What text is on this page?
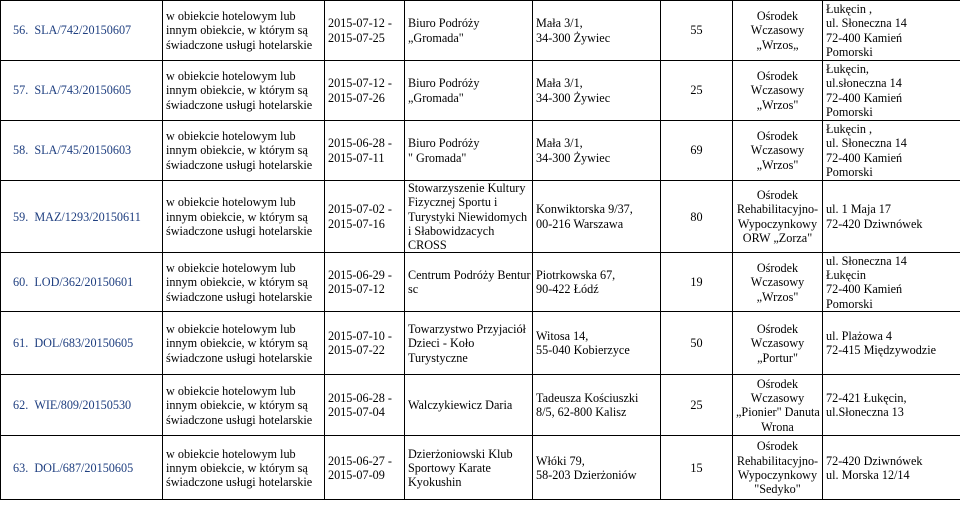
56. SLA/742/20150607	w obiekcie hotelowym lub
innym obiekcie, w którym są
świadczone usługi hotelarskie	2015-07-12 -
2015-07-25	Biuro Podróży
„Gromada"	Mała 3/1,
34-300 Żywiec	55	Ośrodek
Wczasowy
„Wrzos„	Łukęcin ,
ul. Słoneczna 14
72-400 Kamień
Pomorski

57. SLA/743/20150605	w obiekcie hotelowym lub
innym obiekcie, w którym są
świadczone usługi hotelarskie	2015-07-12 -
2015-07-26	Biuro Podróży
„Gromada"	Mała 3/1,
34-300 Żywiec	25	Ośrodek
Wczasowy
„Wrzos"	Łukęcin,
ul.słoneczna 14
72-400 Kamień
Pomorski

58. SLA/745/20150603	w obiekcie hotelowym lub
innym obiekcie, w którym są
świadczone usługi hotelarskie	2015-06-28 -
2015-07-11	Biuro Podróży
" Gromada"	Mała 3/1,
34-300 Żywiec	69	Ośrodek
Wczasowy
„Wrzos"	Łukęcin ,
ul. Słoneczna 14
72-400 Kamień
Pomorski

59. MAZ/1293/20150611	w obiekcie hotelowym lub
innym obiekcie, w którym są
świadczone usługi hotelarskie	2015-07-02 -
2015-07-16	Stowarzyszenie Kultury
Fizycznej Sportu i
Turystyki Niewidomych
i Słabowidzacych
CROSS	Konwiktorska 9/37,
00-216 Warszawa	80	Ośrodek
Rehabilitacyjno-
Wypoczynkowy
ORW „Zorza"	ul. 1 Maja 17
72-420 Dziwnówek

60. LOD/362/20150601	w obiekcie hotelowym lub
innym obiekcie, w którym są
świadczone usługi hotelarskie	2015-06-29 -
2015-07-12	Centrum Podróży Bentur
sc	Piotrkowska 67,
90-422 Łódź	19	Ośrodek
Wczasowy
„Wrzos"	ul. Słoneczna 14
Łukęcin
72-400 Kamień
Pomorski

61. DOL/683/20150605	w obiekcie hotelowym lub
innym obiekcie, w którym są
świadczone usługi hotelarskie	2015-07-10 -
2015-07-22	Towarzystwo Przyjaciół
Dzieci - Koło
Turystyczne	Witosa 14,
55-040 Kobierzyce	50	Ośrodek
Wczasowy
„Portur"	ul. Plażowa 4
72-415 Międzywodzie

62. WIE/809/20150530	w obiekcie hotelowym lub
innym obiekcie, w którym są
świadczone usługi hotelarskie	2015-06-28 -
2015-07-04	Walczykiewicz Daria	Tadeusza Kościuszki
8/5, 62-800 Kalisz	25	Ośrodek
Wczasowy
„Pionier" Danuta
Wrona	72-421 Łukęcin,
ul.Słoneczna 13

63. DOL/687/20150605	w obiekcie hotelowym lub
innym obiekcie, w którym są
świadczone usługi hotelarskie	2015-06-27 -
2015-07-09	Dzierżoniowski Klub
Sportowy Karate
Kyokushin	Włóki 79,
58-203 Dzierżoniów	15	Ośrodek
Rehabilitacyjno-
Wypoczynkowy
"Sedyko"	72-420 Dziwnówek
ul. Morska 12/14
